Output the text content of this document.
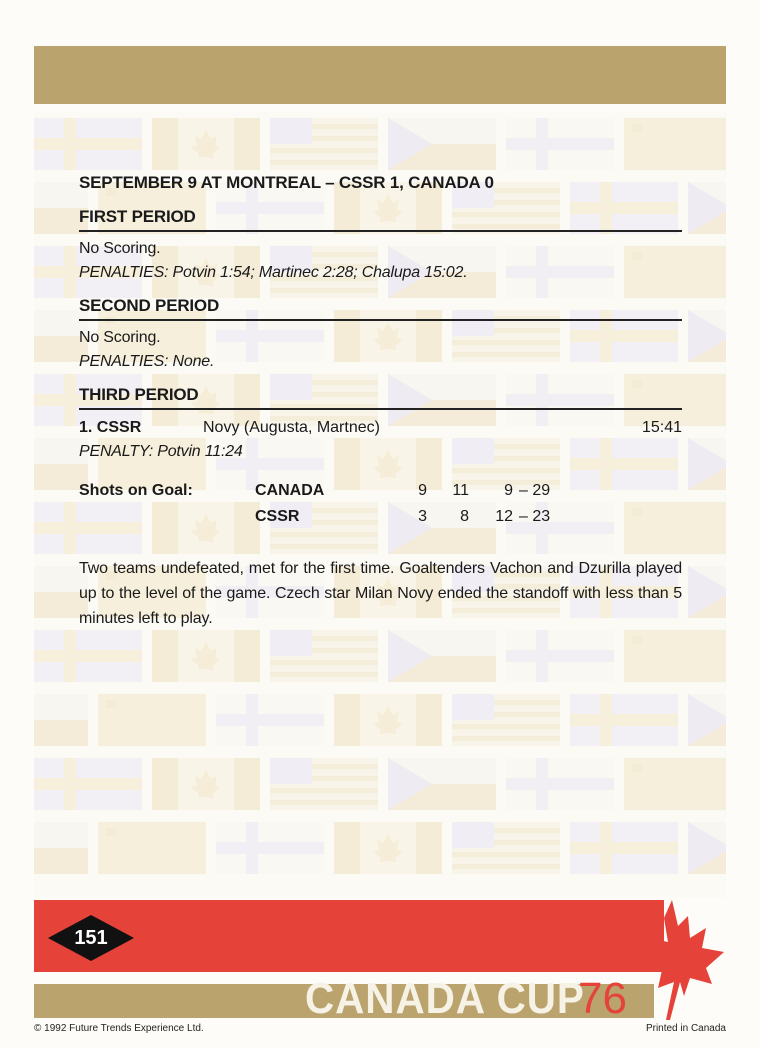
SEPTEMBER 9 AT MONTREAL – CSSR 1, CANADA 0
FIRST PERIOD
No Scoring.
PENALTIES: Potvin 1:54; Martinec 2:28; Chalupa 15:02.
SECOND PERIOD
No Scoring.
PENALTIES: None.
THIRD PERIOD
1. CSSR	Novy (Augusta, Martnec)	15:41
PENALTY: Potvin 11:24
Shots on Goal:	CANADA	9	11	9 – 29
CSSR	3	8	12 – 23
Two teams undefeated, met for the first time. Goaltenders Vachon and Dzurilla played up to the level of the game. Czech star Milan Novy ended the standoff with less than 5 minutes left to play.
151
CANADA CUP
76
© 1992 Future Trends Experience Ltd.	Printed in Canada
